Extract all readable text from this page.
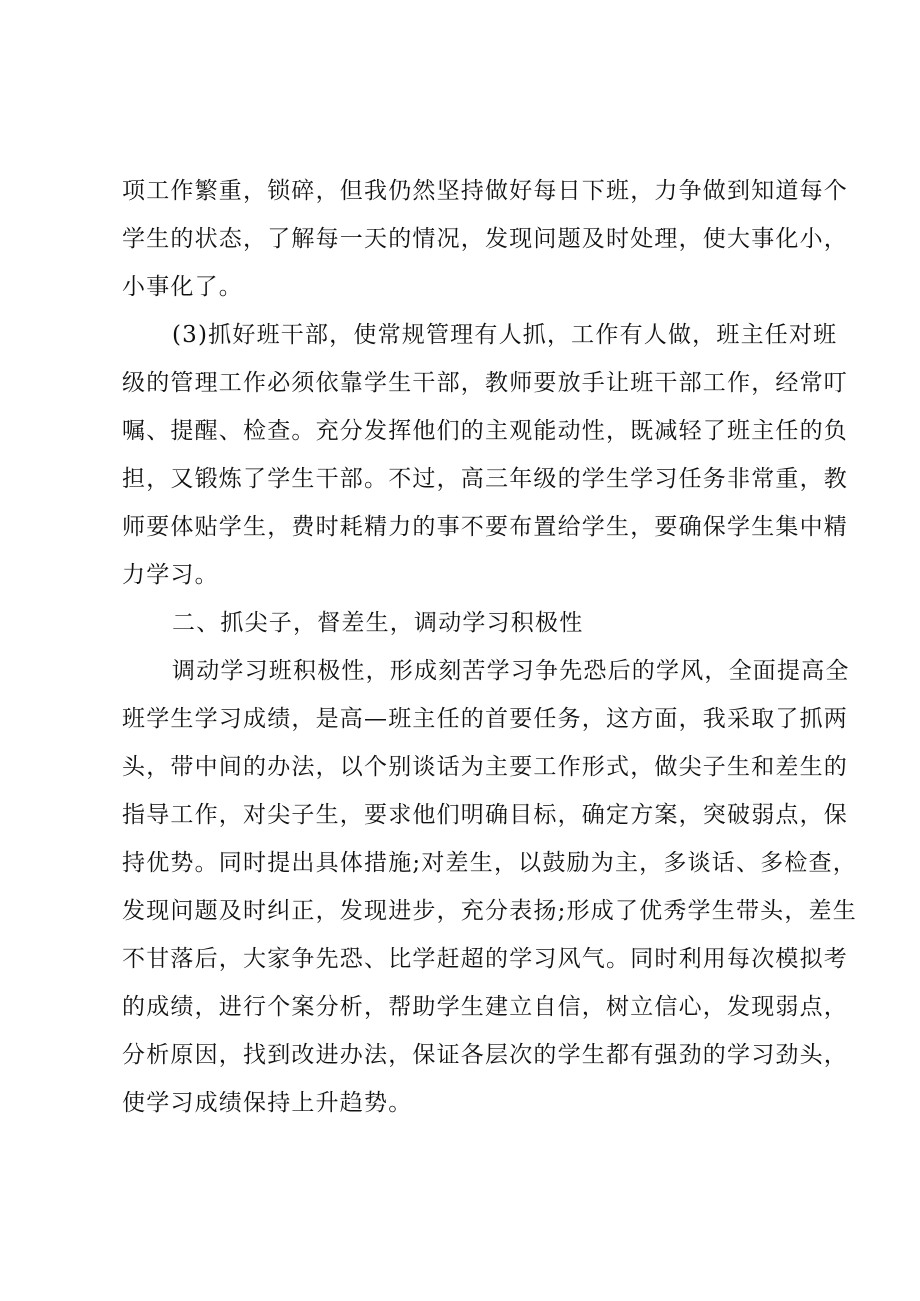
项工作繁重，锁碎，但我仍然坚持做好每日下班，力争做到知道每个
学生的状态，了解每一天的情况，发现问题及时处理，使大事化小，
小事化了。
(3)抓好班干部，使常规管理有人抓，工作有人做，班主任对班
级的管理工作必须依靠学生干部，教师要放手让班干部工作，经常叮
嘱、提醒、检查。充分发挥他们的主观能动性，既减轻了班主任的负
担，又锻炼了学生干部。不过，高三年级的学生学习任务非常重，教
师要体贴学生，费时耗精力的事不要布置给学生，要确保学生集中精
力学习。
二、抓尖子，督差生，调动学习积极性
调动学习班积极性，形成刻苦学习争先恐后的学风，全面提高全
班学生学习成绩，是高—班主任的首要任务，这方面，我采取了抓两
头，带中间的办法，以个别谈话为主要工作形式，做尖子生和差生的
指导工作，对尖子生，要求他们明确目标，确定方案，突破弱点，保
持优势。同时提出具体措施;对差生，以鼓励为主，多谈话、多检查，
发现问题及时纠正，发现进步，充分表扬;形成了优秀学生带头，差生
不甘落后，大家争先恐、比学赶超的学习风气。同时利用每次模拟考
的成绩，进行个案分析，帮助学生建立自信，树立信心，发现弱点，
分析原因，找到改进办法，保证各层次的学生都有强劲的学习劲头，
使学习成绩保持上升趋势。
